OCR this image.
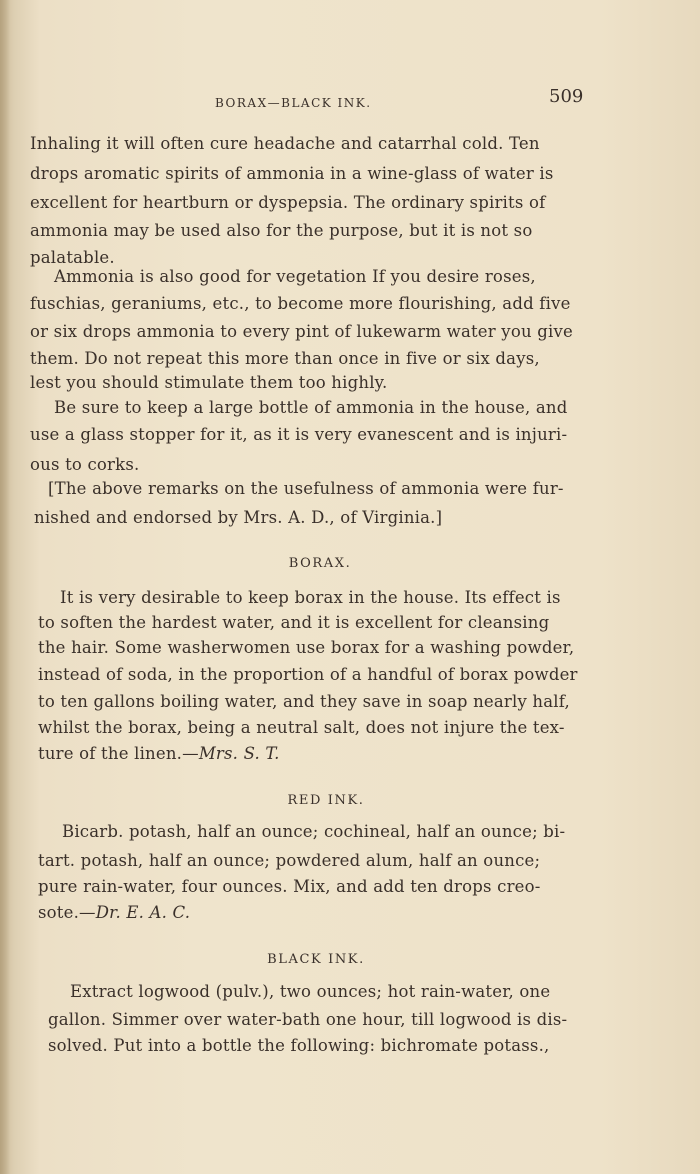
BORAX—BLACK INK.	509
Inhaling it will often cure headache and catarrhal cold. Ten
drops aromatic spirits of ammonia in a wine-glass of water is
excellent for heartburn or dyspepsia. The ordinary spirits of
ammonia may be used also for the purpose, but it is not so
palatable.
Ammonia is also good for vegetation If you desire roses,
fuschias, geraniums, etc., to become more flourishing, add five
or six drops ammonia to every pint of lukewarm water you give
them. Do not repeat this more than once in five or six days,
lest you should stimulate them too highly.
Be sure to keep a large bottle of ammonia in the house, and
use a glass stopper for it, as it is very evanescent and is injuri-
ous to corks.
[The above remarks on the usefulness of ammonia were fur-
nished and endorsed by Mrs. A. D., of Virginia.]
BORAX.
It is very desirable to keep borax in the house. Its effect is
to soften the hardest water, and it is excellent for cleansing
the hair. Some washerwomen use borax for a washing powder,
instead of soda, in the proportion of a handful of borax powder
to ten gallons boiling water, and they save in soap nearly half,
whilst the borax, being a neutral salt, does not injure the tex-
ture of the linen.—Mrs. S. T.
RED INK.
Bicarb. potash, half an ounce; cochineal, half an ounce; bi-
tart. potash, half an ounce; powdered alum, half an ounce;
pure rain-water, four ounces. Mix, and add ten drops creo-
sote.—Dr. E. A. C.
BLACK INK.
Extract logwood (pulv.), two ounces; hot rain-water, one
gallon. Simmer over water-bath one hour, till logwood is dis-
solved. Put into a bottle the following: bichromate potass.,
